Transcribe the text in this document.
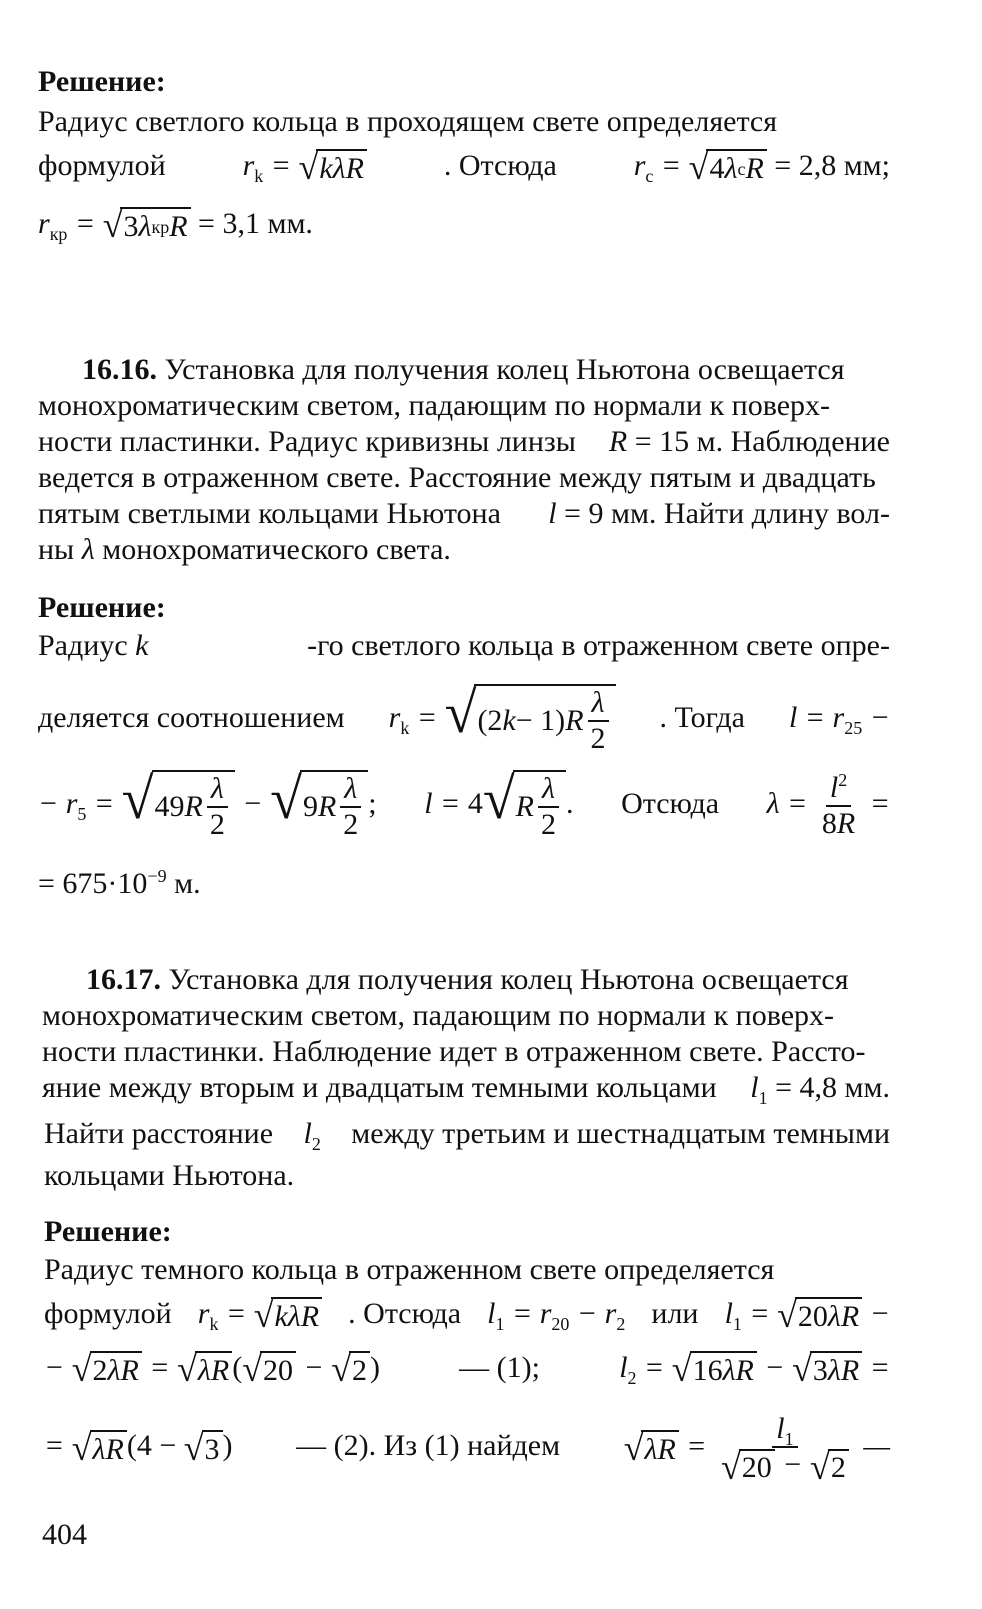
Решение:
Радиус светлого кольца в проходящем свете определяется
формулой	$r_k$ = √ kλR	. Отсюда	$r_c$ = √ 4 λ c R = 2,8 мм;
$r_{кр}$ = √ 3 λ кр R = 3,1 мм.
16.16. Установка для получения колец Ньютона освещается
монохроматическим светом, падающим по нормали к поверх-
ности пластинки. Радиус кривизны линзы R = 15 м. Наблюдение
ведется в отраженном свете. Расстояние между пятым и двадцать
пятым светлыми кольцами Ньютона l = 9 мм. Найти длину вол-
ны λ монохроматического света.
Решение:
Радиус k	-го светлого кольца в отраженном свете опре-
деляется соотношением $r_k$ = √ (2 k − 1) R $\frac{\lambda}{2}$ . Тогда $l = r_{25}$ −
− $r_5$ = √ 49 R $\frac{\lambda}{2}$ − √ 9 R $\frac{\lambda}{2}$ ; l = 4 √ R $\frac{\lambda}{2}$ . Отсюда $\lambda = \frac{l^2}{8R}$ =
= $675\cdot 10^{-9}$ м.
16.17. Установка для получения колец Ньютона освещается
монохроматическим светом, падающим по нормали к поверх-
ности пластинки. Наблюдение идет в отраженном свете. Рассто-
яние между вторым и двадцатым темными кольцами $l_1 = 4,8$ мм.
Найти расстояние $l_2$ между третьим и шестнадцатым темными
кольцами Ньютона.
Решение:
Радиус темного кольца в отраженном свете определяется
формулой $r_k$ = √ kλR . Отсюда $l_1 = r_{20} - r_2$ или $l_1$ = √ 20 λR −
− √ 2 λR = √ λR ( √ 20 − √ 2 )	— (1);	$l_2$ = √ 16 λR − √ 3 λR =
= √ λR (4 − √ 3 ) — (2). Из (1) найдем √ $\lambda R = \frac{l_1}{√ 20 - √ 2}$ —
404
